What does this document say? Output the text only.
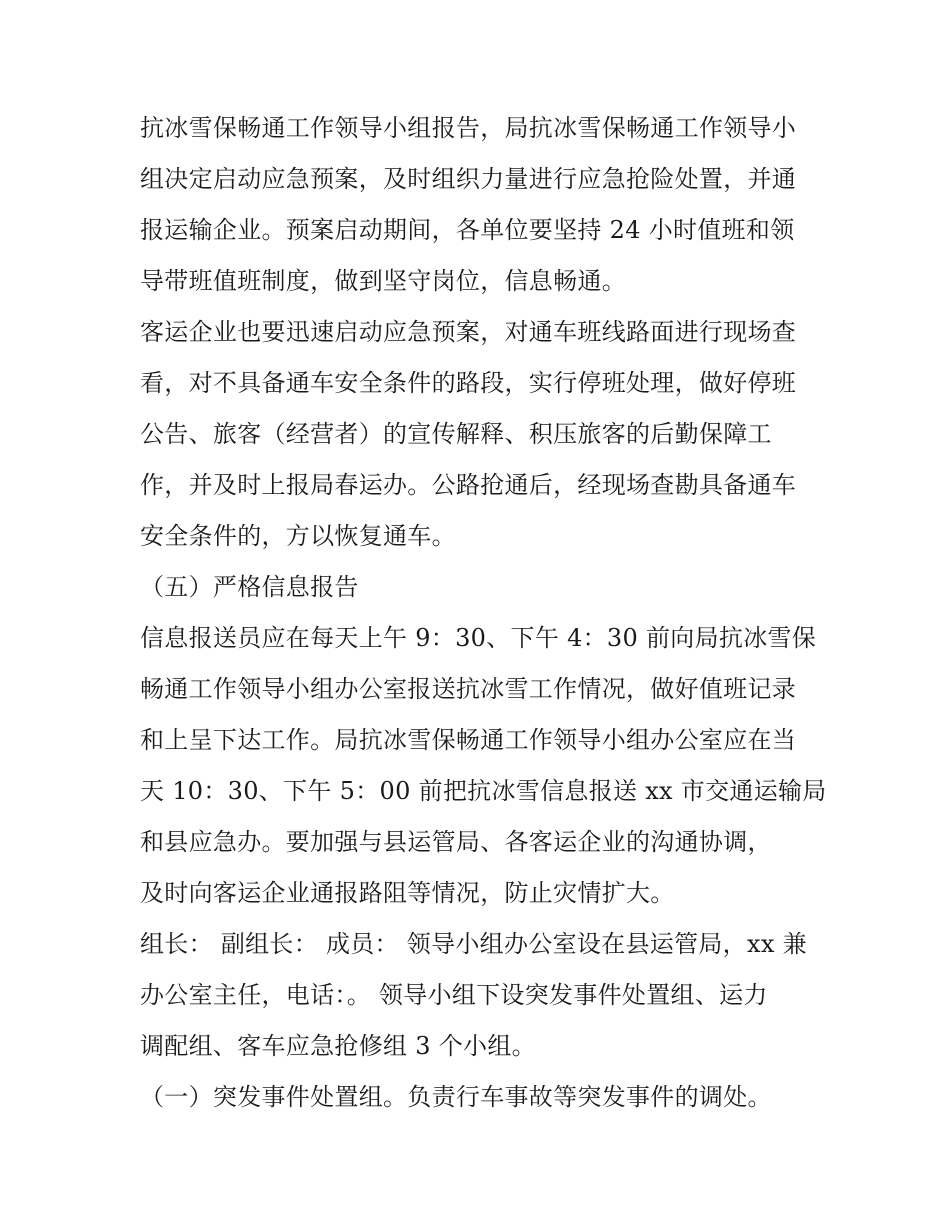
抗冰雪保畅通工作领导小组报告，局抗冰雪保畅通工作领导小
组决定启动应急预案，及时组织力量进行应急抢险处置，并通
报运输企业。预案启动期间，各单位要坚持 24 小时值班和领
导带班值班制度，做到坚守岗位，信息畅通。
客运企业也要迅速启动应急预案，对通车班线路面进行现场查
看，对不具备通车安全条件的路段，实行停班处理，做好停班
公告、旅客（经营者）的宣传解释、积压旅客的后勤保障工
作，并及时上报局春运办。公路抢通后，经现场查勘具备通车
安全条件的，方以恢复通车。
（五）严格信息报告
信息报送员应在每天上午 9：30、下午 4：30 前向局抗冰雪保
畅通工作领导小组办公室报送抗冰雪工作情况，做好值班记录
和上呈下达工作。局抗冰雪保畅通工作领导小组办公室应在当
天 10：30、下午 5：00 前把抗冰雪信息报送 xx 市交通运输局
和县应急办。要加强与县运管局、各客运企业的沟通协调，
及时向客运企业通报路阻等情况，防止灾情扩大。
组长： 副组长： 成员： 领导小组办公室设在县运管局，xx 兼
办公室主任，电话：。 领导小组下设突发事件处置组、运力
调配组、客车应急抢修组 3 个小组。
（一）突发事件处置组。负责行车事故等突发事件的调处。
